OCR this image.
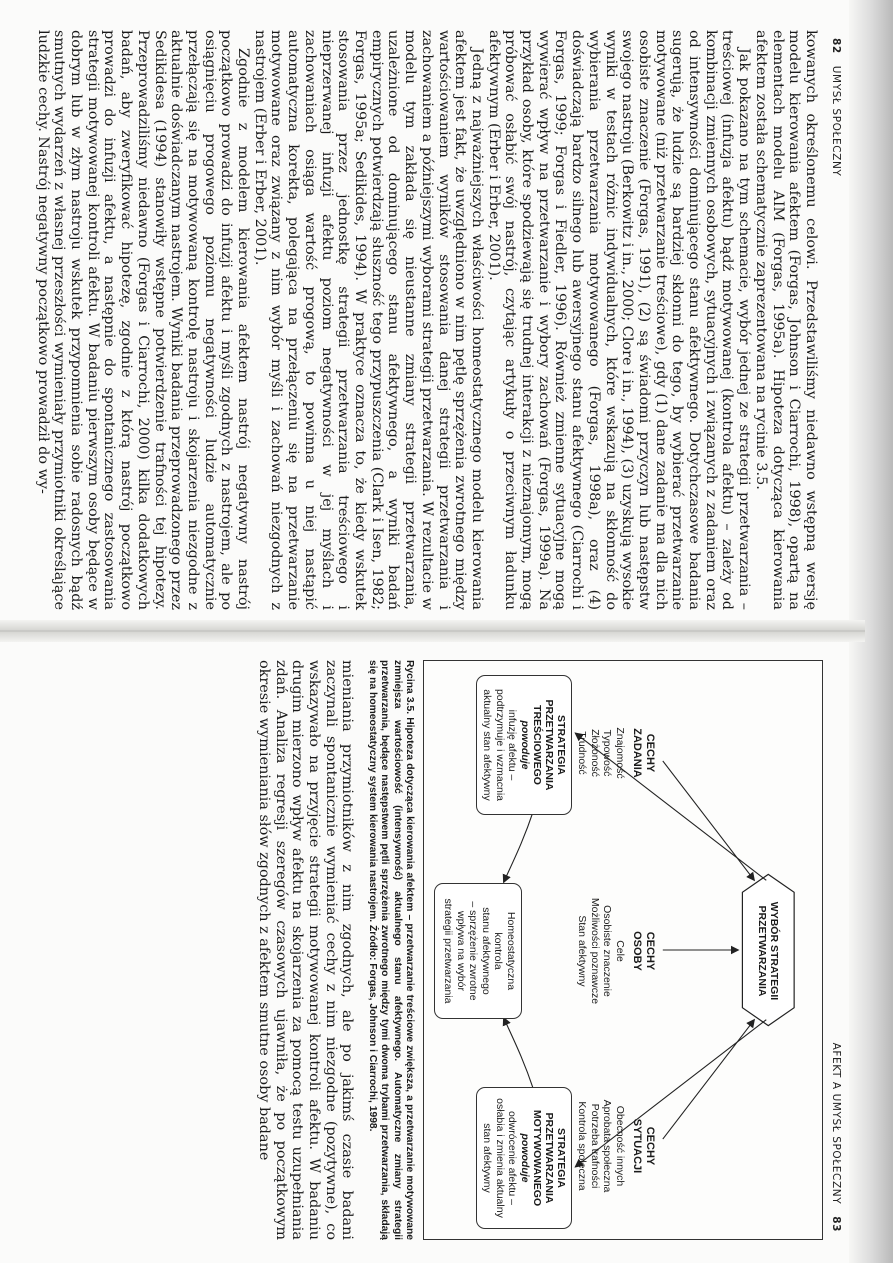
82 UMYSŁ SPOŁECZNY

kowanych określonemu celowi. Przedstawiliśmy niedawno wstępną wersję modelu kierowania afektem (Forgas, Johnson i Ciarrochi, 1998), opartą na elementach modelu AIM (Forgas, 1995a). Hipoteza dotycząca kierowania afektem została schematycznie zaprezentowana na rycinie 3.5.

Jak pokazano na tym schemacie, wybór jednej ze strategii przetwarzania – treściowej (infuzja afektu) bądź motywowanej (kontrola afektu) – zależy od kombinacji zmiennych osobowych, sytuacyjnych i związanych z zadaniem oraz od intensywności dominującego stanu afektywnego. Dotychczasowe badania sugerują, że ludzie są bardziej skłonni do tego, by wybierać przetwarzanie motywowane (niż przetwarzanie treściowe), gdy (1) dane zadanie ma dla nich osobiste znaczenie (Forgas, 1991), (2) są świadomi przyczyn lub następstw swojego nastroju (Berkowitz i in., 2000; Clore i in., 1994), (3) uzyskują wysokie wyniki w testach różnic indywidualnych, które wskazują na skłonność do wybierania przetwarzania motywowanego (Forgas, 1998a), oraz (4) doświadczają bardzo silnego lub awersyjnego stanu afektywnego (Ciarrochi i Forgas, 1999; Forgas i Fiedler, 1996). Również zmienne sytuacyjne mogą wywierać wpływ na przetwarzanie i wybory zachowań (Forgas, 1999a). Na przykład osoby, które spodziewają się trudnej interakcji z nieznajomym, mogą próbować osłabić swój nastrój, czytając artykuły o przeciwnym ładunku afektywnym (Erber i Erber, 2001).

Jedną z najważniejszych właściwości homeostatycznego modelu kierowania afektem jest fakt, że uwzględniono w nim pętlę sprzężenia zwrotnego między wartościowaniem wyników stosowania danej strategii przetwarzania i zachowaniem a późniejszymi wyborami strategii przetwarzania. W rezultacie w modelu tym zakłada się nieustanne zmiany strategii przetwarzania, uzależnione od dominującego stanu afektywnego, a wyniki badań empirycznych potwierdzają słuszność tego przypuszczenia (Clark i Isen, 1982; Forgas, 1995a; Sedikides, 1994). W praktyce oznacza to, że kiedy wskutek stosowania przez jednostkę strategii przetwarzania treściowego i nieprzerwanej infuzji afektu poziom negatywności w jej myślach i zachowaniach osiąga wartość progową, to powinna u niej nastąpić automatyczna korekta, polegająca na przełączeniu się na przetwarzanie motywowane oraz związany z nim wybór myśli i zachowań niezgodnych z nastrojem (Erber i Erber, 2001).

Zgodnie z modelem kierowania afektem nastrój negatywny nastrój początkowo prowadzi do infuzji afektu i myśli zgodnych z nastrojem, ale po osiągnięciu progowego poziomu negatywności ludzie automatycznie przełączają się na motywowaną kontrolę nastroju i skojarzenia niezgodne z aktualnie doświadczanym nastrojem. Wyniki badania przeprowadzonego przez Sedikidesa (1994) stanowiły wstępne potwierdzenie trafności tej hipotezy. Przeprowadziliśmy niedawno (Forgas i Ciarrochi, 2000) kilka dodatkowych badań, aby zweryfikować hipotezę, zgodnie z którą nastrój początkowo prowadzi do infuzji afektu, a następnie do spontanicznego zastosowania strategii motywowanej kontroli afektu. W badaniu pierwszym osoby będące w dobrym lub w złym nastroju wskutek przypomnienia sobie radosnych bądź smutnych wydarzeń z własnej przeszłości wymieniały przymiotniki określające ludzkie cechy. Nastrój negatywny początkowo prowadził do wy-

AFEKT A UMYSŁ SPOŁECZNY 83
WYBÓR STRATEGII
PRZETWARZANIA
CECHY
ZADANIA
Znajomość
Typowość
Złożoność
Trudność
CECHY
OSOBY
Cele
Osobiste znaczenie
Możliwości poznawcze
Stan afektywny
CECHY
SYTUACJI
Obecność innych
Aprobata społeczna
Potrzeba trafności
Kontrola społeczna
STRATEGIA
PRZETWARZANIA
TREŚCIOWEGO
powoduje
infuzję afektu –
podtrzymuje i wzmacnia
aktualny stan afektywny
STRATEGIA
PRZETWARZANIA
MOTYWOWANEGO
powoduje
odwrócenie afektu –
osłabia i zmienia aktualny
stan afektywny
Homeostatyczna
kontrola
stanu afektywnego
– sprzężenie zwrotne
wpływa na wybór
strategii przetwarzania
Rycina 3.5. Hipoteza dotycząca kierowania afektem – przetwarzanie treściowe zwiększa, a przetwarzanie motywowane zmniejsza wartościowość (intensywność) aktualnego stanu afektywnego. Automatyczne zmiany strategii przetwarzania, będące następstwem pętli sprzężenia zwrotnego między tymi dwoma trybami przetwarzania, składają się na homeostatyczny system kierowania nastrojem. Źródło: Forgas, Johnson i Ciarrochi, 1998.

mieniania przymiotników z nim zgodnych, ale po jakimś czasie badani zaczynali spontanicznie wymieniać cechy z nim niezgodne (pozytywne), co wskazywało na przyjęcie strategii motywowanej kontroli afektu. W badaniu drugim mierzono wpływ afektu na skojarzenia za pomocą testu uzupełniania zdań. Analiza regresji szeregów czasowych ujawniła, że po początkowym okresie wymieniania słów zgodnych z afektem smutne osoby badane
